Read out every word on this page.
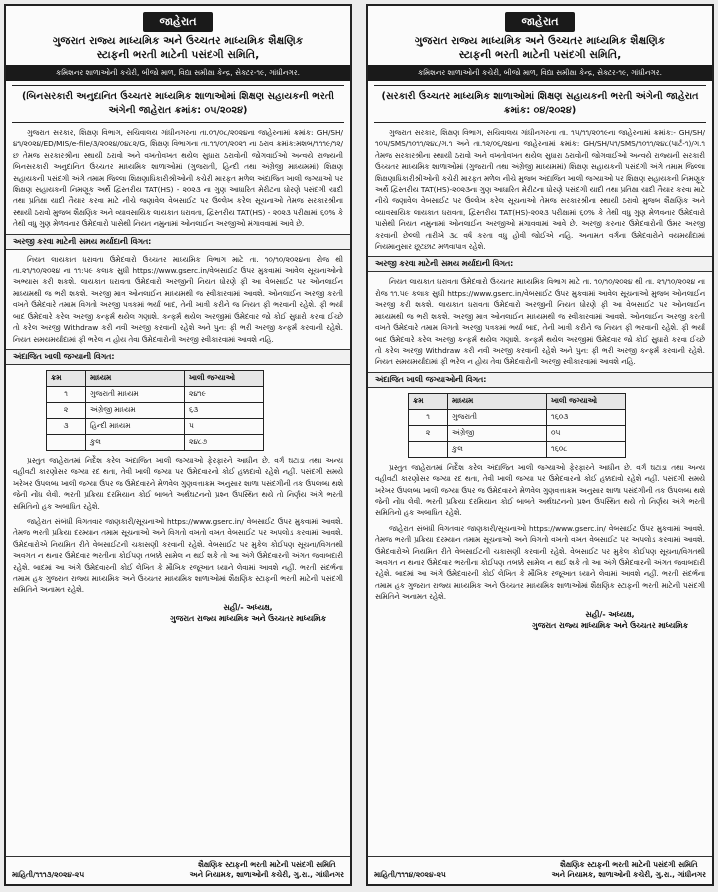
જાહેરાત
ગુજરાત રાજ્ય માધ્યમિક અને ઉચ્ચતર માધ્યમિક શૈક્ષણિક
સ્ટાફની ભરતી માટેની પસંદગી સમિતિ,
કમિશનર શાળાઓની કચેરી, બીજો માળ, વિદ્યા સમીક્ષા કેન્દ્ર, સેક્ટર-૧૯, ગાંધીનગર.
(બિનસરકારી અનુદાનિત ઉચ્ચતર માધ્યમિક શાળાઓમાં શિક્ષણ સહાયકની ભરતી અંગેની જાહેરાત ક્રમાંક: ૦૫/૨૦૨૪)

ગુજરાત સરકાર, શિક્ષણ વિભાગ, સચિવાલય ગાંધીનગરના તા.૦૧/૦૮/૨૦૨૪ના જાહેરનામાં ક્રમાંક: GH/SH/૪૧/૨૦૨૪/ED/MIS/e-file/૩/૨૦૨૪/૦૪૮૨/G, શિક્ષણ વિભાગના તા.૧૧/૦૧/૨૦૨૧ ના ઠરાવ ક્રમાંક:મશબ/૧૧૧૯/૧૨/છ તેમજ સરકારશ્રીના સ્થાયી ઠરાવો અને વખતોવખત થયેલ સુધારા ઠરાવોની જોગવાઈઓ અન્વયે રાજ્યની બિનસરકારી અનુદાનિત ઉચ્ચતર માધ્યમિક શાળાઓમાં (ગુજરાતી, હિન્દી તથા અંગ્રેજી માધ્યમમાં) શિક્ષણ સહાયકની પસંદગી અંગે તમામ જિલ્લા શિક્ષણાધિકારીશ્રીઓની કચેરી મારફત મળેલ અંદાજિત ખાલી જગ્યાઓ પર શિક્ષણ સહાયકની નિમણૂક અર્થે દ્વિસ્તરીય TAT(HS) - ૨૦૨૩ ના ગુણ આધારિત મેરીટના ધોરણે પસંદગી યાદી તથા પ્રતિક્ષા યાદી તૈયાર કરવા માટે નીચે જણાવેલ વેબસાઈટ પર ઉલ્લેખ કરેલ સૂચનાઓ તેમજ સરકારશ્રીના સ્થાયી ઠરાવો મુજબ શૈક્ષણિક અને વ્યાવસાયિક લાયકાત ધરાવતા, દ્વિસ્તરીય TAT(HS) - ૨૦૨૩ પરીક્ષામાં ૬૦% કે તેથી વધુ ગુણ મેળવનાર ઉમેદવારો પાસેથી નિયત નમુનામાં ઓનલાઈન અરજીઓ મંગાવવામાં આવે છે.

અરજી કરવા માટેની સમય મર્યાદાની વિગત:

નિયત લાયકાત ધરાવતા ઉમેદવારો ઉચ્ચતર માધ્યમિક વિભાગ માટે તા. ૧૦/૧૦/૨૦૨૪ના રોજ થી તા.૨૧/૧૦/૨૦૨૪ ના ૧૧:૫૯ કલાક સુધી https://www.gserc.in/વેબસાઈટ ઉપર મુકવામાં આવેલ સૂચનાઓનો અભ્યાસ કરી શકશે. લાયકાત ધરાવતા ઉમેદવારો અરજીની નિયત ધોરણે ફી આ વેબસાઈટ પર ઓનલાઈન માધ્યમથી જ ભરી શકશે. અરજી માત્ર ઓનલાઈન માધ્યમથી જ સ્વીકારવામાં આવશે. ઓનલાઈન અરજી કરતી વખતે ઉમેદવારે તમામ વિગતો અરજી પત્રકમાં ભર્યા બાદ, તેની ખાત્રી કરીને જ નિયત ફી ભરવાની રહેશે. ફી ભર્યા બાદ ઉમેદવારે કરેલ અરજી કન્ફર્મ થયેલ ગણાશે. કન્ફર્મ થયેલ અરજીમાં ઉમેદવાર જો કોઈ સુધારો કરવા ઈચ્છે તો કરેલ અરજી Withdraw કરી નવી અરજી કરવાની રહેશે અને પુન: ફી ભરી અરજી કન્ફર્મ કરવાની રહેશે. નિયત સમયમર્યાદામાં ફી ભરેલ ન હોય તેવા ઉમેદવારોની અરજી સ્વીકારવામાં આવશે નહિ.

અંદાજિત ખાલી જગ્યાની વિગત:
ક્રમ	માધ્યમ	ખાલી જગ્યાઓ
૧	ગુજરાતી માધ્યમ	૨૪૧૯
૨	અંગ્રેજી માધ્યમ	૬૩
૩	હિન્દી માધ્યમ	૫
	કુલ	૨૪૮૭

પ્રસ્તુત જાહેરાતમાં નિર્દેશ કરેલ અંદાજિત ખાલી જગ્યાઓ ફેરફારને આધીન છે. વર્ગ ઘટાડા તથા અન્ય વહીવટી કારણોસર જગ્યા રદ થતા, તેવી ખાલી જગ્યા પર ઉમેદવારનો કોઈ હક્કદાવો રહેશે નહીં. પસંદગી સમયે ખરેખર ઉપલબ્ધ ખાલી જગ્યા ઉપર જ ઉમેદવારને મેળવેલ ગુણવત્તાક્રમ અનુસાર શાળા પસંદગીની તક ઉપલબ્ધ થશે જેની નોંધ લેવી. ભરતી પ્રક્રિયા દરમિયાન કોઈ બાબતે અર્થઘટનનો પ્રશ્ન ઉપસ્થિત થયે તો નિર્ણય અંગે ભરતી સમિતિનો હક અબાધિત રહેશે.

જાહેરાત સંબંધી વિગતવાર જાણકારી/સૂચનાઓ https://www.gserc.in/ વેબસાઈટ ઉપર મુકવામાં આવશે. તેમજ ભરતી પ્રક્રિયા દરમ્યાન તમામ સૂચનાઓ અને વિગતો વખતો વખત વેબસાઈટ પર અપલોડ કરવામાં આવશે. ઉમેદવારોએ નિયમિત રીતે વેબસાઈટની ચકાસણી કરવાની રહેશે. વેબસાઈટ પર મુકેલ કોઈપણ સૂચના/વિગતથી અવગત ન થનાર ઉમેદવાર ભરતીના કોઈપણ તબક્કે સામેલ ન થઈ શકે તો આ અંગે ઉમેદવારની અંગત જવાબદારી રહેશે. બાદમાં આ અંગે ઉમેદવારની કોઈ લેખિત કે મૌખિક રજૂઆત ધ્યાને લેવામાં આવશે નહીં. ભરતી સંદર્ભના તમામ હક ગુજરાત રાજ્ય માધ્યમિક અને ઉચ્ચતર માધ્યમિક શાળાઓમાં શૈક્ષણિક સ્ટાફની ભરતી માટેની પસંદગી સમિતિને અનામત રહેશે.

સહી/- અધ્યક્ષ,
ગુજરાત રાજ્ય માધ્યમિક અને ઉચ્ચતર માધ્યમિક
માહિતી/૧૧૧૩/૨૦૨૪-૨૫
શૈક્ષણિક સ્ટાફની ભરતી માટેની પસંદગી સમિતિ
અને નિયામક, શાળાઓની કચેરી, ગુ.રા., ગાંધીનગર
જાહેરાત
ગુજરાત રાજ્ય માધ્યમિક અને ઉચ્ચતર માધ્યમિક શૈક્ષણિક
સ્ટાફની ભરતી માટેની પસંદગી સમિતિ,
કમિશનર શાળાઓની કચેરી, બીજો માળ, વિદ્યા સમીક્ષા કેન્દ્ર, સેક્ટર-૧૯, ગાંધીનગર.
(સરકારી ઉચ્ચતર માધ્યમિક શાળાઓમાં શિક્ષણ સહાયકની ભરતી અંગેની જાહેરાત ક્રમાંક: ૦૪/૨૦૨૪)

ગુજરાત સરકાર, શિક્ષણ વિભાગ, સચિવાલય ગાંધીનગરના તા. ૧૫/૧૧/૨૦૧૯ના જાહેરનામાં ક્રમાંક:- GH/SH/૧૦૫/SMS/૧૦૧૧/૨૪૮/ગ.૧ અને તા.૧૨/૦૬/૨૪ના જાહેરનામાં ક્રમાંક: GH/SH/૫૧/SMS/૧૦૧૧/૨૪૮(પાર્ટ-૧)/ગ.૧ તેમજ સરકારશ્રીના સ્થાયી ઠરાવો અને વખતોવખત થયેલ સુધારા ઠરાવોની જોગવાઈઓ અન્વયે રાજ્યની સરકારી ઉચ્ચતર માધ્યમિક શાળાઓમાં (ગુજરાતી તથા અંગ્રેજી માધ્યમમાં) શિક્ષણ સહાયકની પસંદગી અંગે તમામ જિલ્લા શિક્ષણાધિકારીશ્રીઓની કચેરી મારફત મળેલ નીચે મુજબ અંદાજિત ખાલી જગ્યાઓ પર શિક્ષણ સહાયકની નિમણૂક અર્થે દ્વિસ્તરીય TAT(HS)-૨૦૨૩ના ગુણ આધારિત મેરીટના ધોરણે પસંદગી યાદી તથા પ્રતિક્ષા યાદી તૈયાર કરવા માટે નીચે જણાવેલ વેબસાઈટ પર ઉલ્લેખ કરેલ સૂચનાઓ તેમજ સરકારશ્રીના સ્થાયી ઠરાવો મુજબ શૈક્ષણિક અને વ્યાવસાયિક લાયકાત ધરાવતા, દ્વિસ્તરીય TAT(HS)-૨૦૨૩ પરીક્ષામાં ૬૦% કે તેથી વધુ ગુણ મેળવનાર ઉમેદવારો પાસેથી નિયત નમુનામાં ઓનલાઈન અરજીઓ મંગાવવામાં આવે છે. અરજી કરનાર ઉમેદવારોની ઉમર અરજી કરવાની છેલ્લી તારીખે ૩૮ વર્ષ કરતા વધુ હોવી જોઈએ નહિ. અનામત વર્ગના ઉમેદવારોને વયમર્યાદામાં નિયમાનુસાર છૂટછાટ મળવાપાત્ર રહેશે.

અરજી કરવા માટેની સમય મર્યાદાની વિગત:

નિયત લાયકાત ધરાવતા ઉમેદવારો ઉચ્ચતર માધ્યમિક વિભાગ માટે તા. ૧૦/૧૦/૨૦૨૪ થી તા. ૨૧/૧૦/૨૦૨૪ ના રોજ ૧૧.૫૯ કલાક સુધી https://www.gserc.in/વેબસાઈટ ઉપર મુકવામાં આવેલ સૂચનાઓ મુજબ ઓનલાઈન અરજી કરી શકશે. લાયકાત ધરાવતા ઉમેદવારો અરજીની નિયત ધોરણે ફી આ વેબસાઈટ પર ઓનલાઈન માધ્યમથી જ ભરી શકશે. અરજી માત્ર ઓનલાઈન માધ્યમથી જ સ્વીકારવામાં આવશે. ઓનલાઈન અરજી કરતી વખતે ઉમેદવારે તમામ વિગતો અરજી પત્રકમાં ભર્યા બાદ, તેની ખાત્રી કરીને જ નિયત ફી ભરવાની રહેશે. ફી ભર્યા બાદ ઉમેદવારે કરેલ અરજી કન્ફર્મ થયેલ ગણાશે. કન્ફર્મ થયેલ અરજીમાં ઉમેદવાર જો કોઈ સુધારો કરવા ઈચ્છે તો કરેલ અરજી Withdraw કરી નવી અરજી કરવાની રહેશે અને પુન: ફી ભરી અરજી કન્ફર્મ કરવાની રહેશે. નિયત સમયમર્યાદામાં ફી ભરેલ ન હોય તેવા ઉમેદવારોની અરજી સ્વીકારવામાં આવશે નહિ.

અંદાજિત ખાલી જગ્યાઓની વિગત:
ક્રમ	માધ્યમ	ખાલી જગ્યાઓ
૧	ગુજરાતી	૧૬૦૩
૨	અંગ્રેજી	૦૫
	કુલ	૧૬૦૮

પ્રસ્તુત જાહેરાતમાં નિર્દેશ કરેલ અંદાજિત ખાલી જગ્યાઓ ફેરફારને આધીન છે. વર્ગ ઘટાડા તથા અન્ય વહીવટી કારણોસર જગ્યા રદ થતા, તેવી ખાલી જગ્યા પર ઉમેદવારનો કોઈ હક્કદાવો રહેશે નહીં. પસંદગી સમયે ખરેખર ઉપલબ્ધ ખાલી જગ્યા ઉપર જ ઉમેદવારને મેળવેલ ગુણવત્તાક્રમ અનુસાર શાળા પસંદગીની તક ઉપલબ્ધ થશે જેની નોંધ લેવી. ભરતી પ્રક્રિયા દરમિયાન કોઈ બાબતે અર્થઘટનનો પ્રશ્ન ઉપસ્થિત થયે તો નિર્ણય અંગે ભરતી સમિતિનો હક અબાધિત રહેશે.

જાહેરાત સંબંધી વિગતવાર જાણકારી/સૂચનાઓ https://www.gserc.in/ વેબસાઈટ ઉપર મુકવામાં આવશે. તેમજ ભરતી પ્રક્રિયા દરમ્યાન તમામ સૂચનાઓ અને વિગતો વખતો વખત વેબસાઈટ પર અપલોડ કરવામાં આવશે. ઉમેદવારોએ નિયમિત રીતે વેબસાઈટની ચકાસણી કરવાની રહેશે. વેબસાઈટ પર મુકેલ કોઈપણ સૂચના/વિગતથી અવગત ન થનાર ઉમેદવાર ભરતીના કોઈપણ તબક્કે સામેલ ન થઈ શકે તો આ અંગે ઉમેદવારની અંગત જવાબદારી રહેશે. બાદમાં આ અંગે ઉમેદવારની કોઈ લેખિત કે મૌખિક રજૂઆત ધ્યાને લેવામાં આવશે નહીં. ભરતી સંદર્ભના તમામ હક ગુજરાત રાજ્ય માધ્યમિક અને ઉચ્ચતર માધ્યમિક શાળાઓમાં શૈક્ષણિક સ્ટાફની ભરતી માટેની પસંદગી સમિતિને અનામત રહેશે.

સહી/- અધ્યક્ષ,
ગુજરાત રાજ્ય માધ્યમિક અને ઉચ્ચતર માધ્યમિક
માહિતી/૧૧૧૪/૨૦૨૪-૨૫
શૈક્ષણિક સ્ટાફની ભરતી માટેની પસંદગી સમિતિ
અને નિયામક, શાળાઓની કચેરી, ગુ.રા., ગાંધીનગર
